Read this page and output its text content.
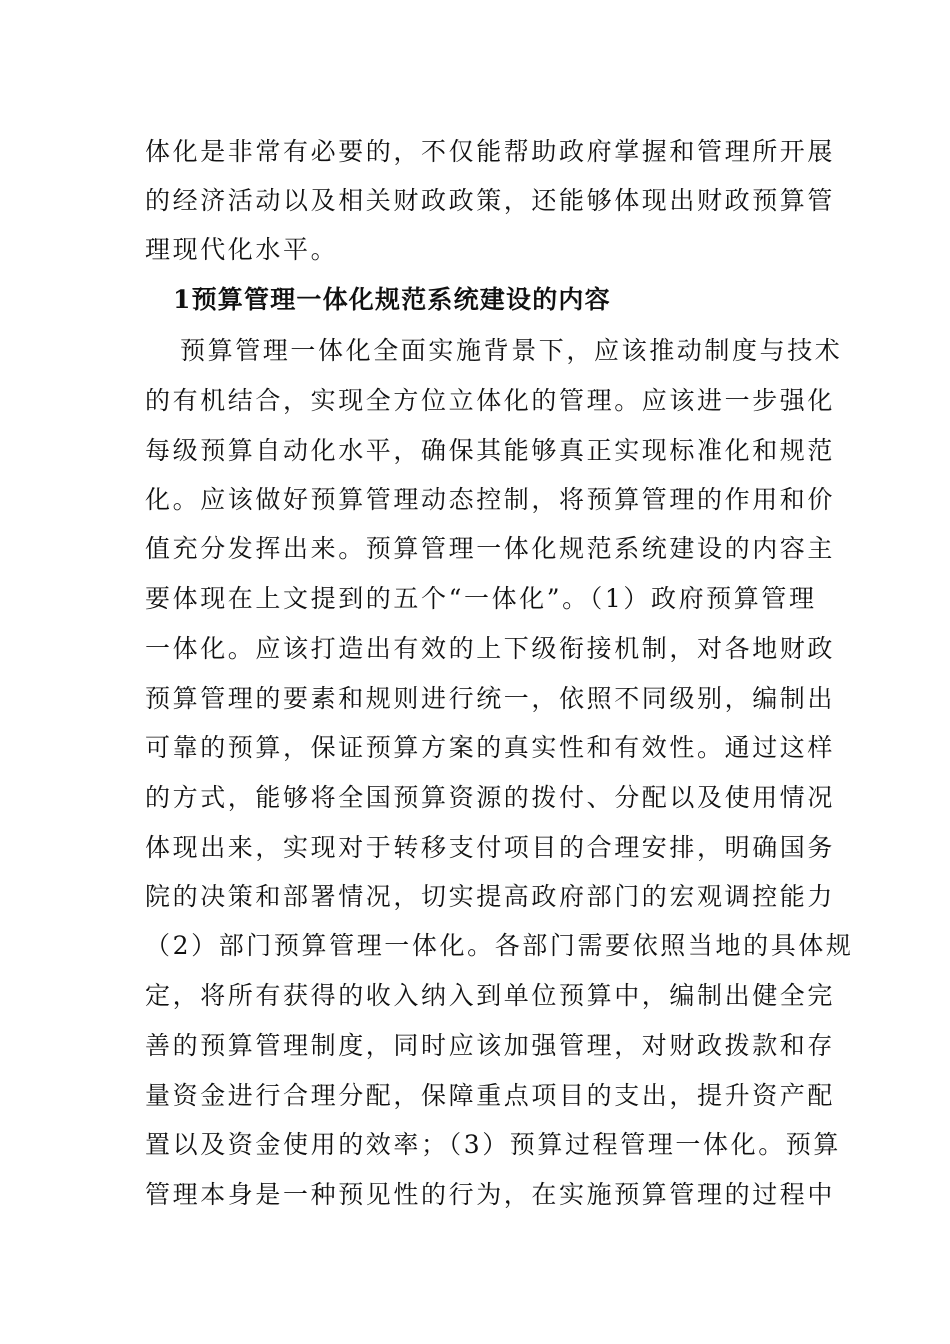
体化是非常有必要的，不仅能帮助政府掌握和管理所开展
的经济活动以及相关财政政策，还能够体现出财政预算管
理现代化水平。
1预算管理一体化规范系统建设的内容
预算管理一体化全面实施背景下，应该推动制度与技术
的有机结合，实现全方位立体化的管理。应该进一步强化
每级预算自动化水平，确保其能够真正实现标准化和规范
化。应该做好预算管理动态控制，将预算管理的作用和价
值充分发挥出来。预算管理一体化规范系统建设的内容主
要体现在上文提到的五个“一体化”。（1）政府预算管理
一体化。应该打造出有效的上下级衔接机制，对各地财政
预算管理的要素和规则进行统一，依照不同级别，编制出
可靠的预算，保证预算方案的真实性和有效性。通过这样
的方式，能够将全国预算资源的拨付、分配以及使用情况
体现出来，实现对于转移支付项目的合理安排，明确国务
院的决策和部署情况，切实提高政府部门的宏观调控能力
（2）部门预算管理一体化。各部门需要依照当地的具体规
定，将所有获得的收入纳入到单位预算中，编制出健全完
善的预算管理制度，同时应该加强管理，对财政拨款和存
量资金进行合理分配，保障重点项目的支出，提升资产配
置以及资金使用的效率；（3）预算过程管理一体化。预算
管理本身是一种预见性的行为，在实施预算管理的过程中
